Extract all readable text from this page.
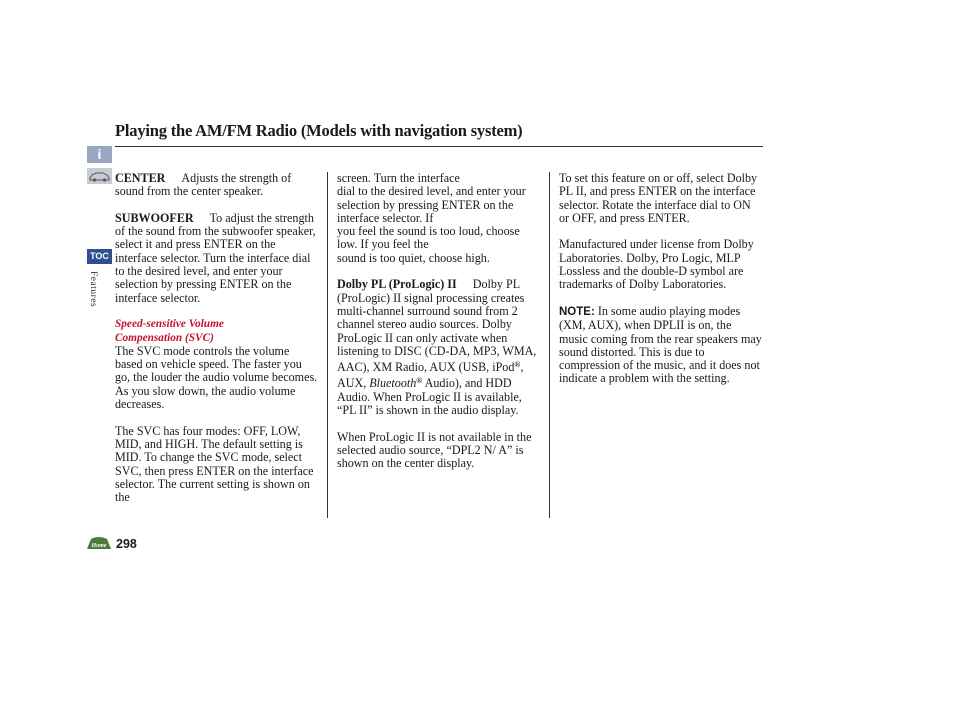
Playing the AM/FM Radio (Models with navigation system)
i
TOC
Features

CENTER Adjusts the strength of sound from the center speaker.

SUBWOOFER To adjust the strength of the sound from the subwoofer speaker, select it and press ENTER on the interface selector. Turn the interface dial to the desired level, and enter your selection by pressing ENTER on the interface selector.

Speed-sensitive Volume
Compensation (SVC)

The SVC mode controls the volume based on vehicle speed. The faster you go, the louder the audio volume becomes. As you slow down, the audio volume decreases.

The SVC has four modes: OFF, LOW, MID, and HIGH. The default setting is MID. To change the SVC mode, select SVC, then press ENTER on the interface selector. The current setting is shown on the

screen. Turn the interface
dial to the desired level, and enter your selection by pressing ENTER on the interface selector. If
you feel the sound is too loud, choose low. If you feel the
sound is too quiet, choose high.

Dolby PL (ProLogic) II Dolby PL (ProLogic) II signal processing creates multi-channel surround sound from 2 channel stereo audio sources. Dolby ProLogic II can only activate when listening to DISC (CD-DA, MP3, WMA, AAC), XM Radio, AUX (USB, iPod®, AUX, Bluetooth® Audio), and HDD Audio. When ProLogic II is available, “PL II” is shown in the audio display.

When ProLogic II is not available in the selected audio source, “DPL2 N/ A” is shown on the center display.

To set this feature on or off, select Dolby PL II, and press ENTER on the interface selector. Rotate the interface dial to ON or OFF, and press ENTER.

Manufactured under license from Dolby Laboratories. Dolby, Pro Logic, MLP Lossless and the double-D symbol are trademarks of Dolby Laboratories.

NOTE: In some audio playing modes (XM, AUX), when DPLII is on, the music coming from the rear speakers may sound distorted. This is due to compression of the music, and it does not indicate a problem with the setting.

Home 298
